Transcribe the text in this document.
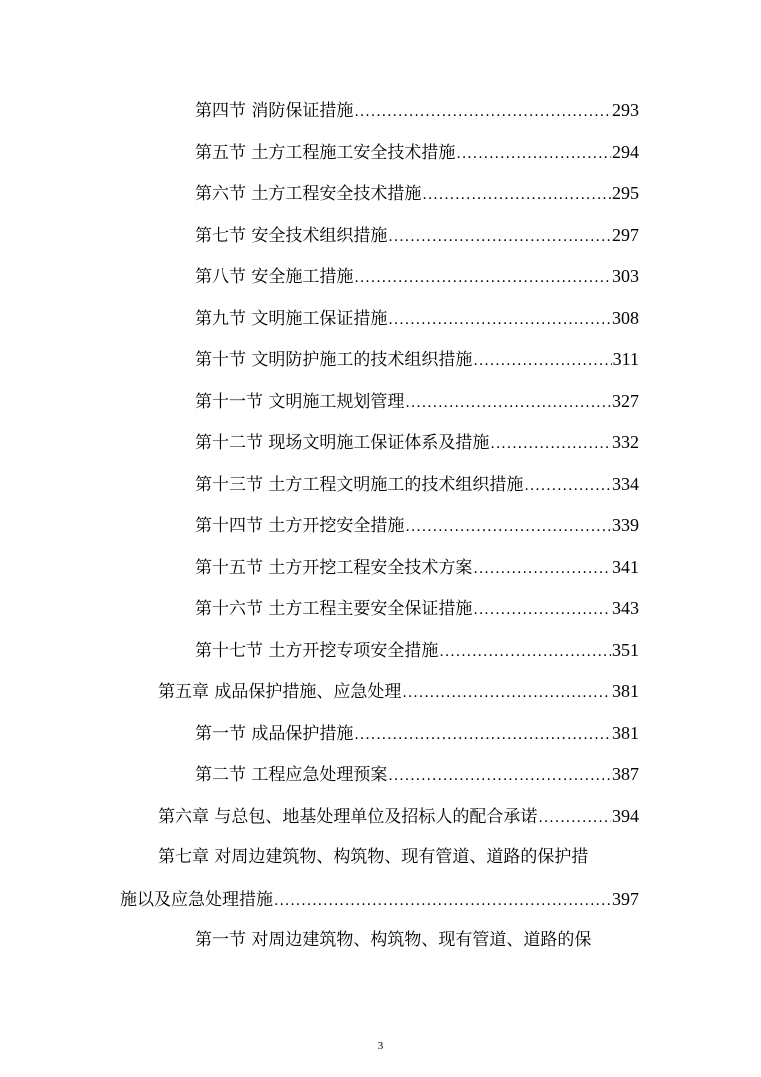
第四节 消防保证措施 .....	293
第五节 土方工程施工安全技术措施 .....	294
第六节 土方工程安全技术措施 .....	295
第七节 安全技术组织措施 .....	297
第八节 安全施工措施 .....	303
第九节 文明施工保证措施 .....	308
第十节 文明防护施工的技术组织措施 .....	311
第十一节 文明施工规划管理 .....	327
第十二节 现场文明施工保证体系及措施 .....	332
第十三节 土方工程文明施工的技术组织措施 .....	334
第十四节 土方开挖安全措施 .....	339
第十五节 土方开挖工程安全技术方案 .....	341
第十六节 土方工程主要安全保证措施 .....	343
第十七节 土方开挖专项安全措施 .....	351
第五章 成品保护措施、应急处理 .....	381
第一节 成品保护措施 .....	381
第二节 工程应急处理预案 .....	387
第六章 与总包、地基处理单位及招标人的配合承诺 .....	394
第七章 对周边建筑物、构筑物、现有管道、道路的保护措
施以及应急处理措施 .....	397
第一节 对周边建筑物、构筑物、现有管道、道路的保
3
